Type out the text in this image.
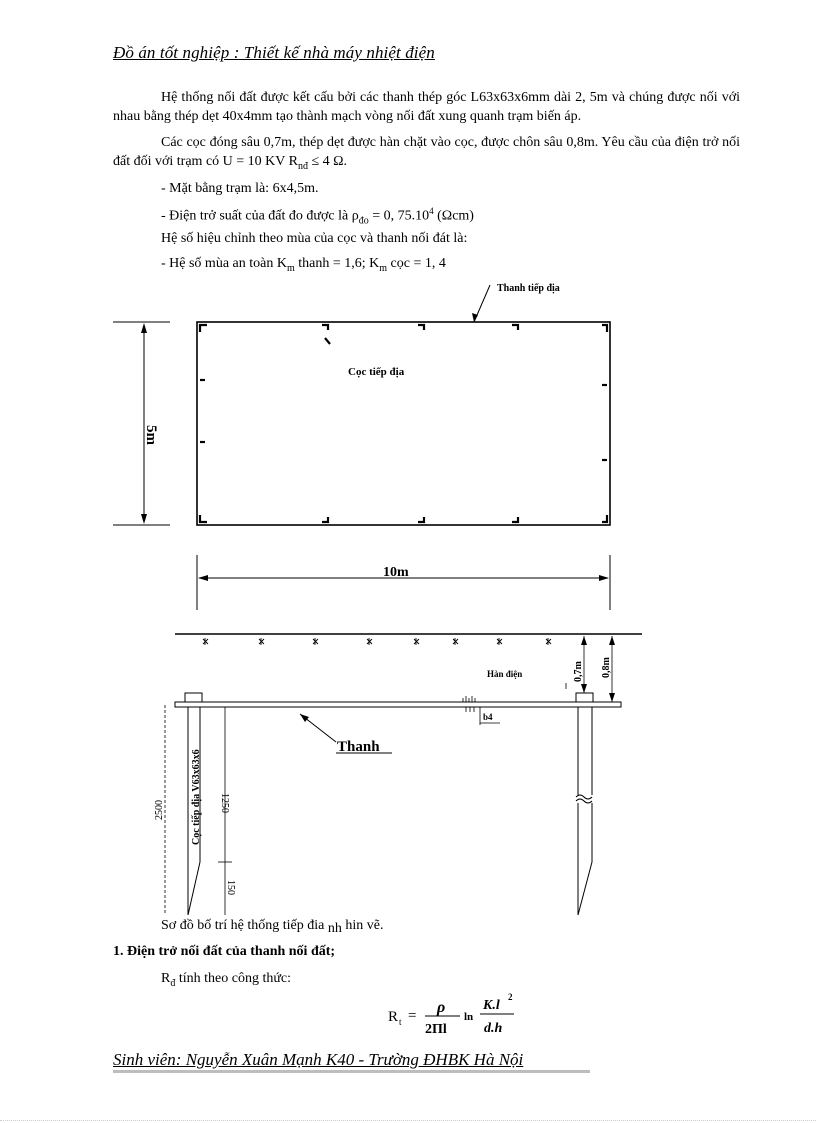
Đồ án tốt nghiệp : Thiết kế nhà máy nhiệt điện
Hệ thống nối đất được kết cấu bởi các thanh thép góc L63x63x6mm dài 2, 5m và chúng được nối với nhau bằng thép dẹt 40x4mm tạo thành mạch vòng nối đất xung quanh trạm biến áp.
Các cọc đóng sâu 0,7m, thép dẹt được hàn chặt vào cọc, được chôn sâu 0,8m. Yêu cầu của điện trở nối đất đối với trạm có U = 10 KV $R_{nđ} \le 4$ Ω.
- Mặt bằng trạm là: 6x4,5m.
- Điện trở suất của đất đo được là $\rho_{đo} = 0$, 75.10$^4$ (Ωcm)
Hệ số hiệu chỉnh theo mùa của cọc và thanh nối đát là:
- Hệ số mùa an toàn $K_m$ thanh = 1,6; $K_m$ cọc = 1, 4
Thanh tiếp địa
Cọc tiếp địa
5m
10m
Cọc tiếp địa V63x63x6
2500	1250
150
Hàn điện
b4
Thanh
0,7m 0,8m
Sơ đồ bố trí hệ thống tiếp đia nh hin vẽ.
1. Điện trở nối đất của thanh nối đất;
$R_đ$ tính theo công thức:
R t = ρ
2Πl
ln
K.l
2
d.h
Sinh viên: Nguyễn Xuân Mạnh K40 - Trường ĐHBK Hà Nội
